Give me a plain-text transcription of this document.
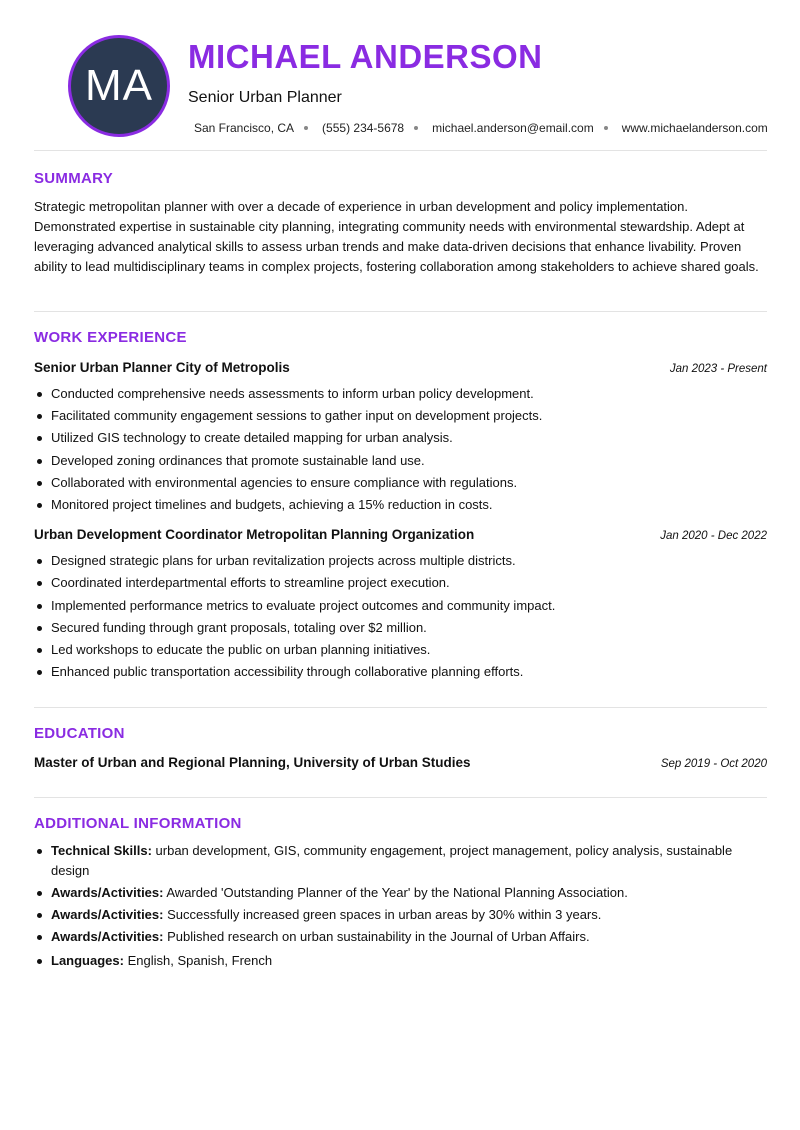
MA
MICHAEL ANDERSON
Senior Urban Planner
San Francisco, CA (555) 234-5678 michael.anderson@email.com www.michaelanderson.com
SUMMARY

Strategic metropolitan planner with over a decade of experience in urban development and policy implementation. Demonstrated expertise in sustainable city planning, integrating community needs with environmental stewardship. Adept at leveraging advanced analytical skills to assess urban trends and make data-driven decisions that enhance livability. Proven ability to lead multidisciplinary teams in complex projects, fostering collaboration among stakeholders to achieve shared goals.

WORK EXPERIENCE
Senior Urban Planner City of Metropolis	Jan 2023 - Present
Conducted comprehensive needs assessments to inform urban policy development.
Facilitated community engagement sessions to gather input on development projects.
Utilized GIS technology to create detailed mapping for urban analysis.
Developed zoning ordinances that promote sustainable land use.
Collaborated with environmental agencies to ensure compliance with regulations.
Monitored project timelines and budgets, achieving a 15% reduction in costs.
Urban Development Coordinator Metropolitan Planning Organization	Jan 2020 - Dec 2022
Designed strategic plans for urban revitalization projects across multiple districts.
Coordinated interdepartmental efforts to streamline project execution.
Implemented performance metrics to evaluate project outcomes and community impact.
Secured funding through grant proposals, totaling over $2 million.
Led workshops to educate the public on urban planning initiatives.
Enhanced public transportation accessibility through collaborative planning efforts.
EDUCATION
Master of Urban and Regional Planning, University of Urban Studies	Sep 2019 - Oct 2020
ADDITIONAL INFORMATION
Technical Skills: urban development, GIS, community engagement, project management, policy analysis, sustainable design
Awards/Activities: Awarded 'Outstanding Planner of the Year' by the National Planning Association.
Awards/Activities: Successfully increased green spaces in urban areas by 30% within 3 years.
Awards/Activities: Published research on urban sustainability in the Journal of Urban Affairs.
Languages: English, Spanish, French
